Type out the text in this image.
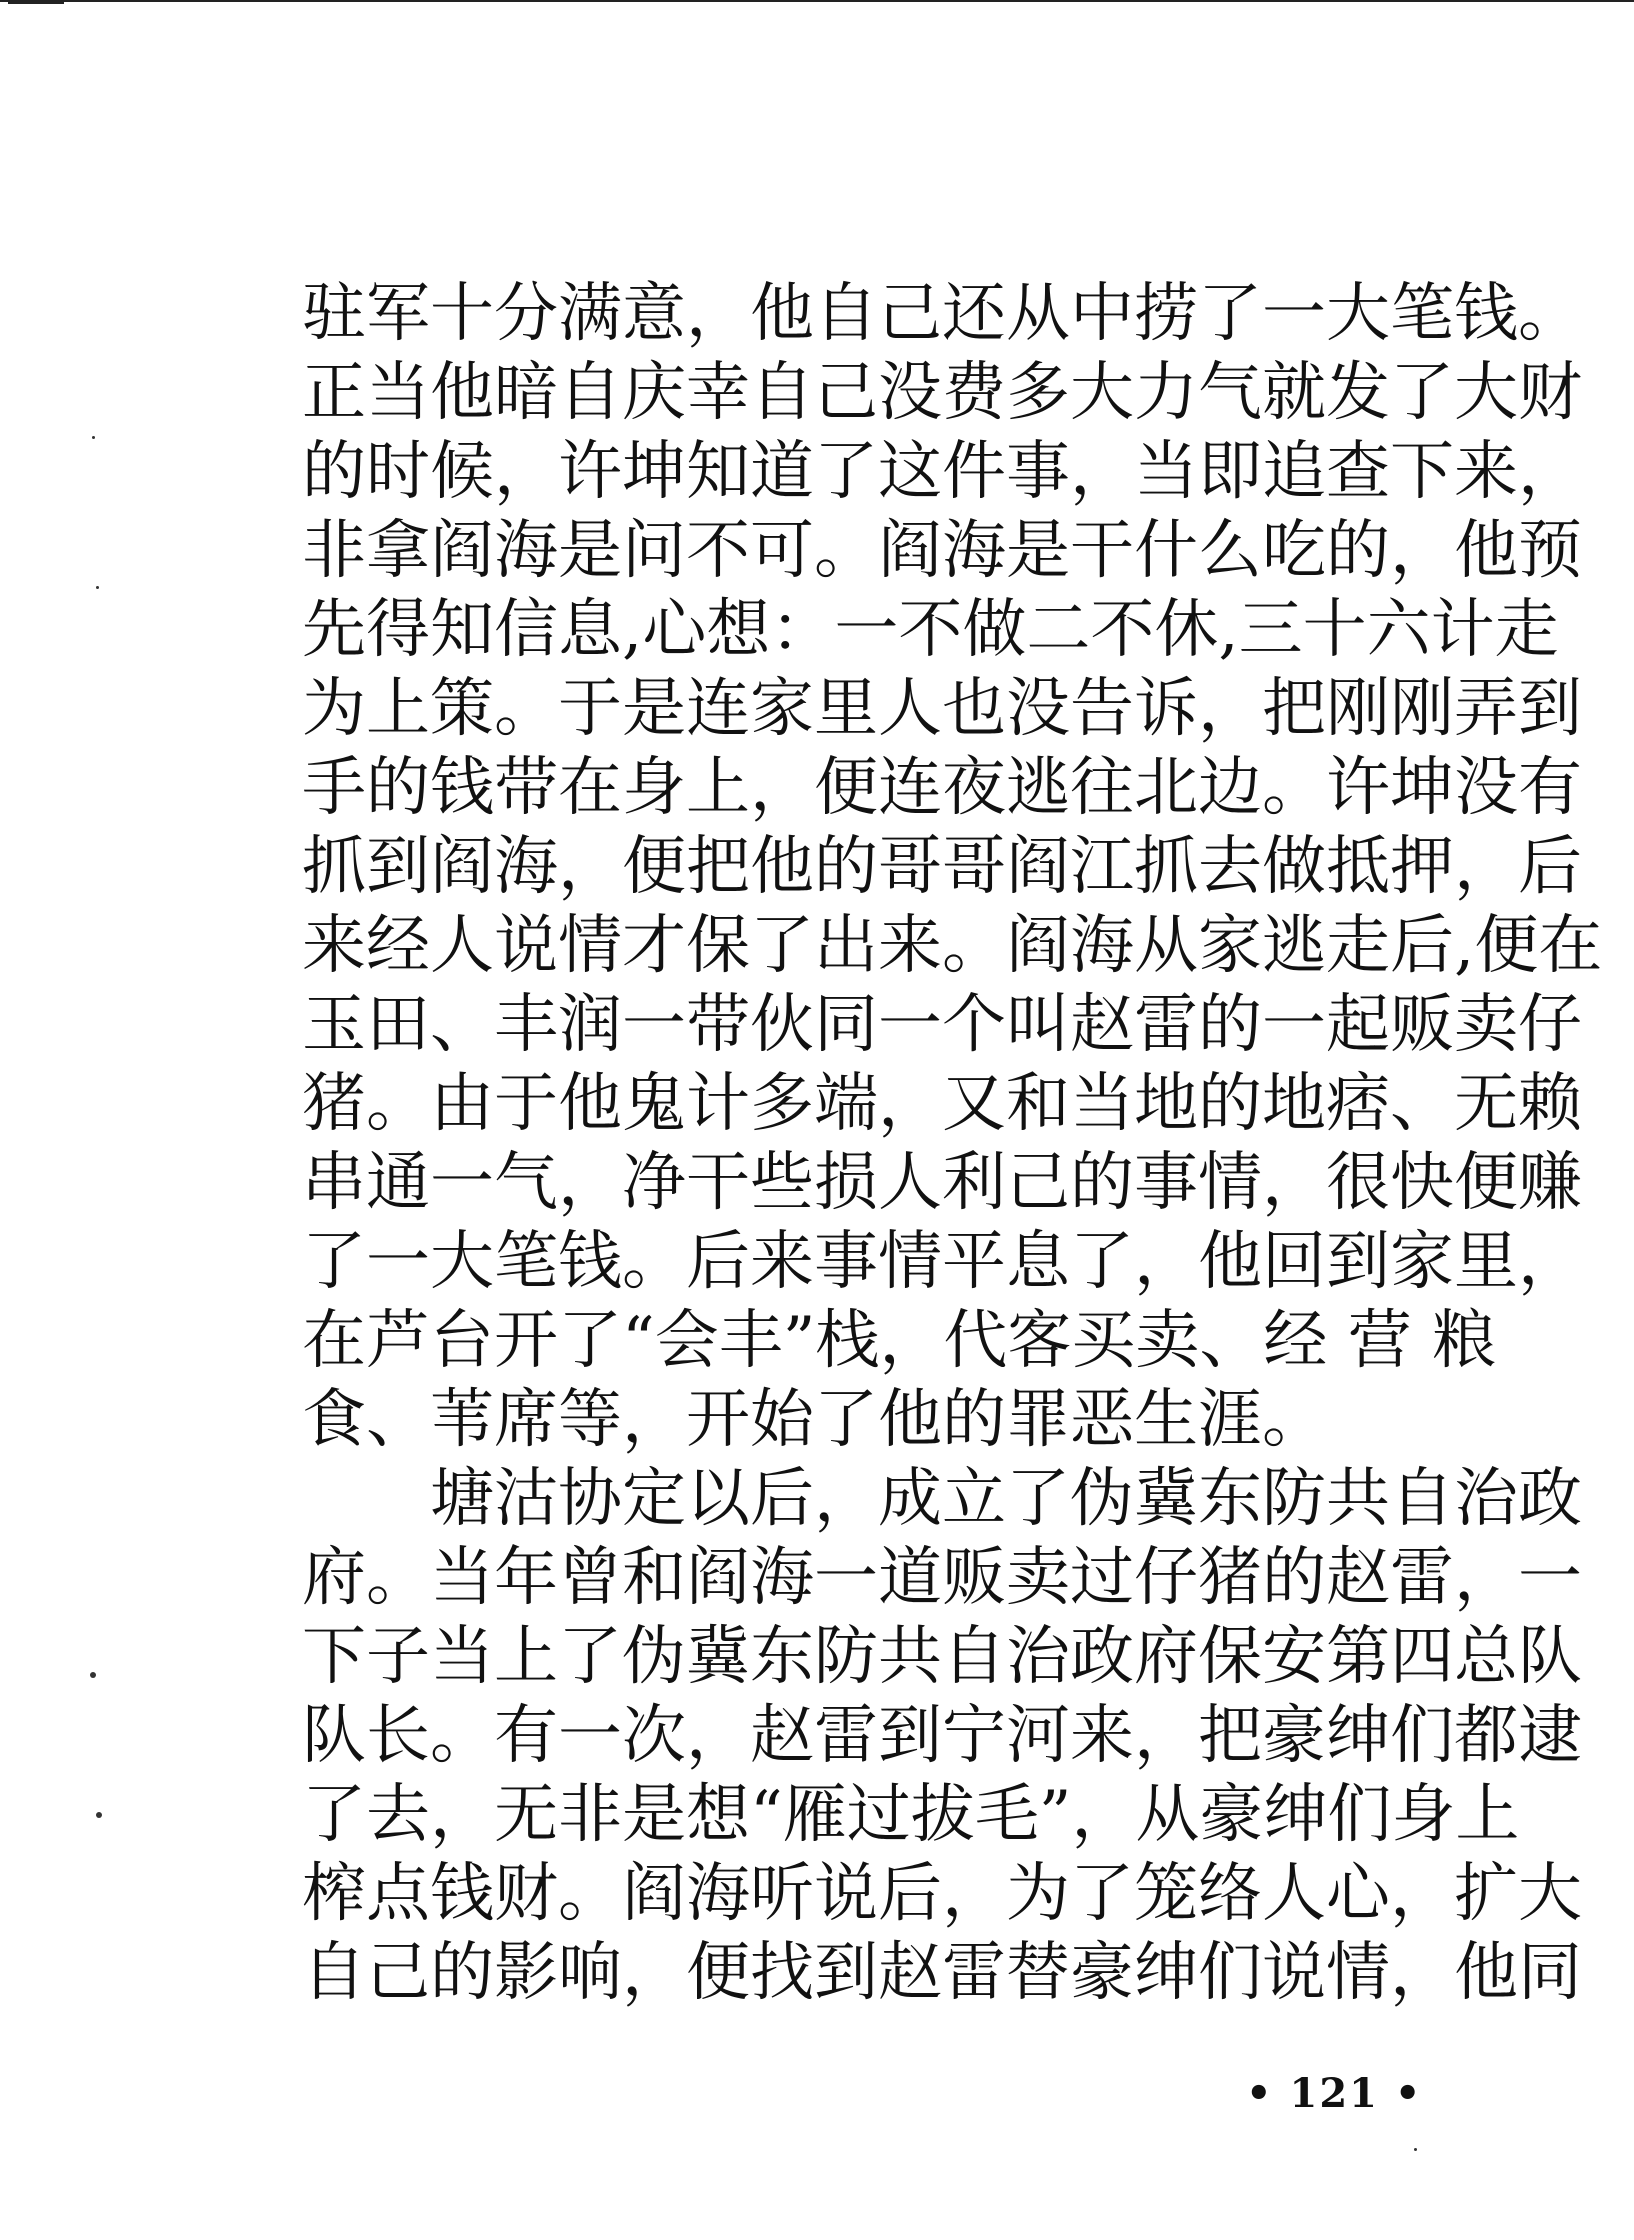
驻军十分满意，他自己还从中捞了一大笔钱。
正当他暗自庆幸自己没费多大力气就发了大财
的时候，许坤知道了这件事，当即追查下来，
非拿阎海是问不可。阎海是干什么吃的，他预
先得知信息,心想：一不做二不休,三十六计走
为上策。于是连家里人也没告诉，把刚刚弄到
手的钱带在身上，便连夜逃往北边。许坤没有
抓到阎海，便把他的哥哥阎江抓去做抵押，后
来经人说情才保了出来。阎海从家逃走后,便在
玉田、丰润一带伙同一个叫赵雷的一起贩卖仔
猪。由于他鬼计多端，又和当地的地痞、无赖
串通一气，净干些损人利己的事情，很快便赚
了一大笔钱。后来事情平息了，他回到家里，
在芦台开了“会丰”栈，代客买卖、经 营 粮
食、苇席等，开始了他的罪恶生涯。
　　塘沽协定以后，成立了伪冀东防共自治政
府。当年曾和阎海一道贩卖过仔猪的赵雷，一
下子当上了伪冀东防共自治政府保安第四总队
队长。有一次，赵雷到宁河来，把豪绅们都逮
了去，无非是想“雁过拔毛”，从豪绅们身上
榨点钱财。阎海听说后，为了笼络人心，扩大
自己的影响，便找到赵雷替豪绅们说情，他同
• 121 •
